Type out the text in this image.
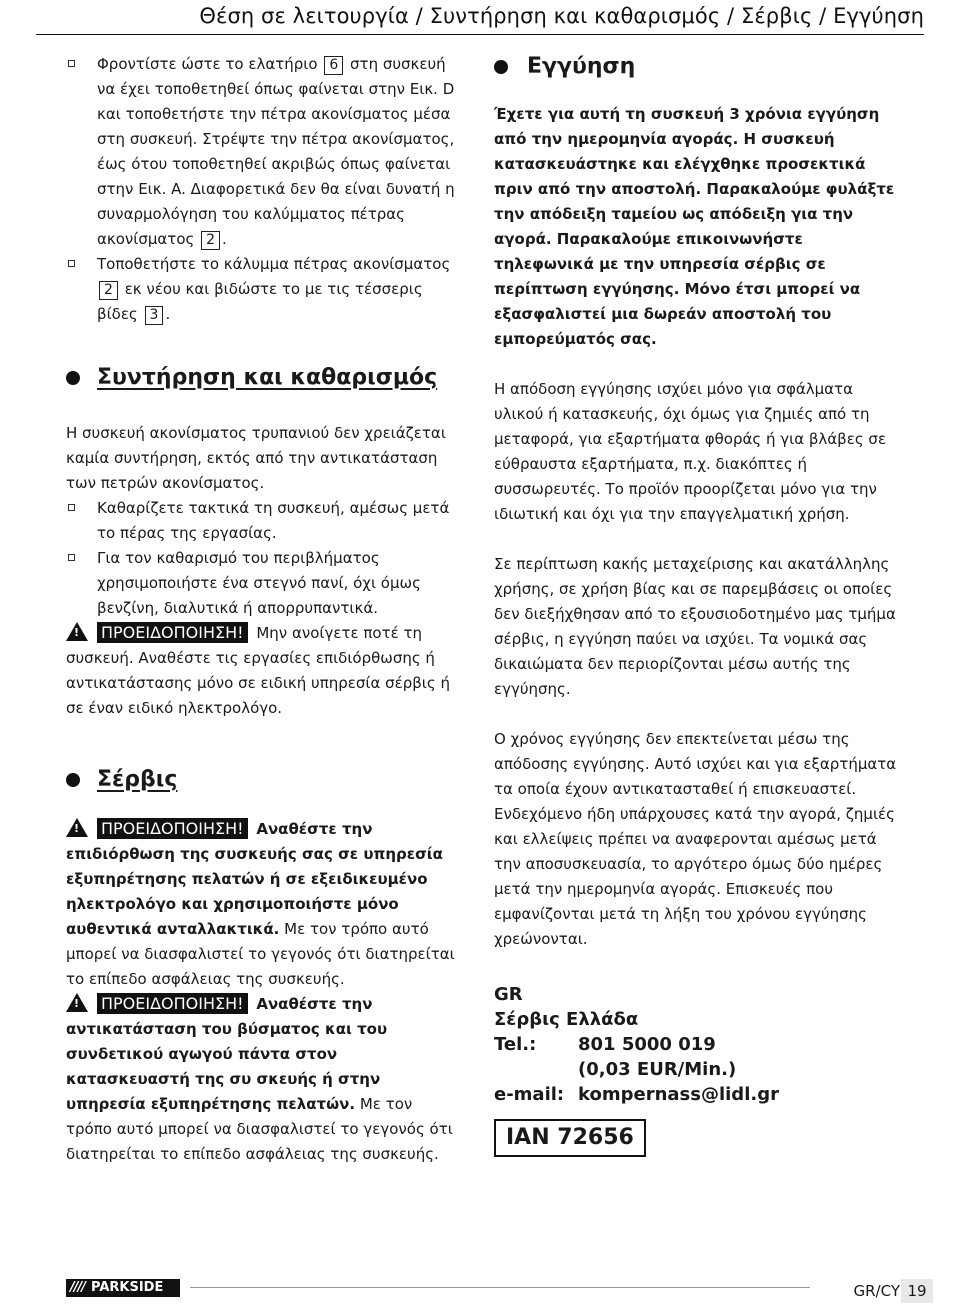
Θέση σε λειτουργία / Συντήρηση και καθαρισμός / Σέρβις / Εγγύηση

Φροντίστε ώστε το ελατήριο 6 στη συσκευή να έχει τοποθετηθεί όπως φαίνεται στην Εικ. D και τοποθετήστε την πέτρα ακονίσματος μέσα στη συσκευή. Στρέψτε την πέτρα ακονίσματος, έως ότου τοποθετηθεί ακριβώς όπως φαίνεται στην Εικ. A. Διαφορετικά δεν θα είναι δυνατή η συναρμολόγηση του καλύμματος πέτρας ακονίσματος 2 .

Τοποθετήστε το κάλυμμα πέτρας ακονίσματος 2 εκ νέου και βιδώστε το με τις τέσσερις βίδες 3 .

Συντήρηση και καθαρισμός

Η συσκευή ακονίσματος τρυπανιού δεν χρειάζεται καμία συντήρηση, εκτός από την αντικατάσταση των πετρών ακονίσματος.

Καθαρίζετε τακτικά τη συσκευή, αμέσως μετά το πέρας της εργασίας.

Για τον καθαρισμό του περιβλήματος χρησιμοποιήστε ένα στεγνό πανί, όχι όμως βενζίνη, διαλυτικά ή απορρυπαντικά.

!ΠΡΟΕΙΔΟΠΟΙΗΣΗ! Μην ανοίγετε ποτέ τη συσκευή. Αναθέστε τις εργασίες επιδιόρθωσης ή αντικατάστασης μόνο σε ειδική υπηρεσία σέρβις ή σε έναν ειδικό ηλεκτρολόγο.

Σέρβις

!ΠΡΟΕΙΔΟΠΟΙΗΣΗ! Αναθέστε την επιδιόρθωση της συσκευής σας σε υπηρεσία εξυπηρέτησης πελατών ή σε εξειδικευμένο ηλεκτρολόγο και χρησιμοποιήστε μόνο αυθεντικά ανταλλακτικά. Με τον τρόπο αυτό μπορεί να διασφαλιστεί το γεγονός ότι διατηρείται το επίπεδο ασφάλειας της συσκευής.

!ΠΡΟΕΙΔΟΠΟΙΗΣΗ! Αναθέστε την αντικατάσταση του βύσματος και του συνδετικού αγωγού πάντα στον κατασκευαστή της συ σκευής ή στην υπηρεσία εξυπηρέτησης πελατών. Με τον τρόπο αυτό μπορεί να διασφαλιστεί το γεγονός ότι διατηρείται το επίπεδο ασφάλειας της συσκευής.

Εγγύηση

Έχετε για αυτή τη συσκευή 3 χρόνια εγγύηση από την ημερομηνία αγοράς. Η συσκευή κατασκευάστηκε και ελέγχθηκε προσεκτικά πριν από την αποστολή. Παρακαλούμε φυλάξτε την απόδειξη ταμείου ως απόδειξη για την αγορά. Παρακαλούμε επικοινωνήστε τηλεφωνικά με την υπηρεσία σέρβις σε περίπτωση εγγύησης. Μόνο έτσι μπορεί να εξασφαλιστεί μια δωρεάν αποστολή του εμπορεύματός σας.

Η απόδοση εγγύησης ισχύει μόνο για σφάλματα υλικού ή κατασκευής, όχι όμως για ζημιές από τη μεταφορά, για εξαρτήματα φθοράς ή για βλάβες σε εύθραυστα εξαρτήματα, π.χ. διακόπτες ή συσσωρευτές. Το προϊόν προορίζεται μόνο για την ιδιωτική και όχι για την επαγγελματική χρήση.

Σε περίπτωση κακής μεταχείρισης και ακατάλληλης χρήσης, σε χρήση βίας και σε παρεμβάσεις οι οποίες δεν διεξήχθησαν από το εξουσιοδοτημένο μας τμήμα σέρβις, η εγγύηση παύει να ισχύει. Τα νομικά σας δικαιώματα δεν περιορίζονται μέσω αυτής της εγγύησης.

Ο χρόνος εγγύησης δεν επεκτείνεται μέσω της απόδοσης εγγύησης. Αυτό ισχύει και για εξαρτήματα τα οποία έχουν αντικατασταθεί ή επισκευαστεί. Ενδεχόμενο ήδη υπάρχουσες κατά την αγορά, ζημιές και ελλείψεις πρέπει να αναφερονται αμέσως μετά την αποσυσκευασία, το αργότερο όμως δύο ημέρες μετά την ημερομηνία αγοράς. Επισκευές που εμφανίζονται μετά τη λήξη του χρόνου εγγύησης χρεώνονται.

GR	
Σέρβις Ελλάδα	
Tel.:	801 5000 019
	(0,03 EUR/Min.)
e-mail:	kompernass@lidl.gr
IAN 72656
//// PARKSIDE	GR/CY 19
